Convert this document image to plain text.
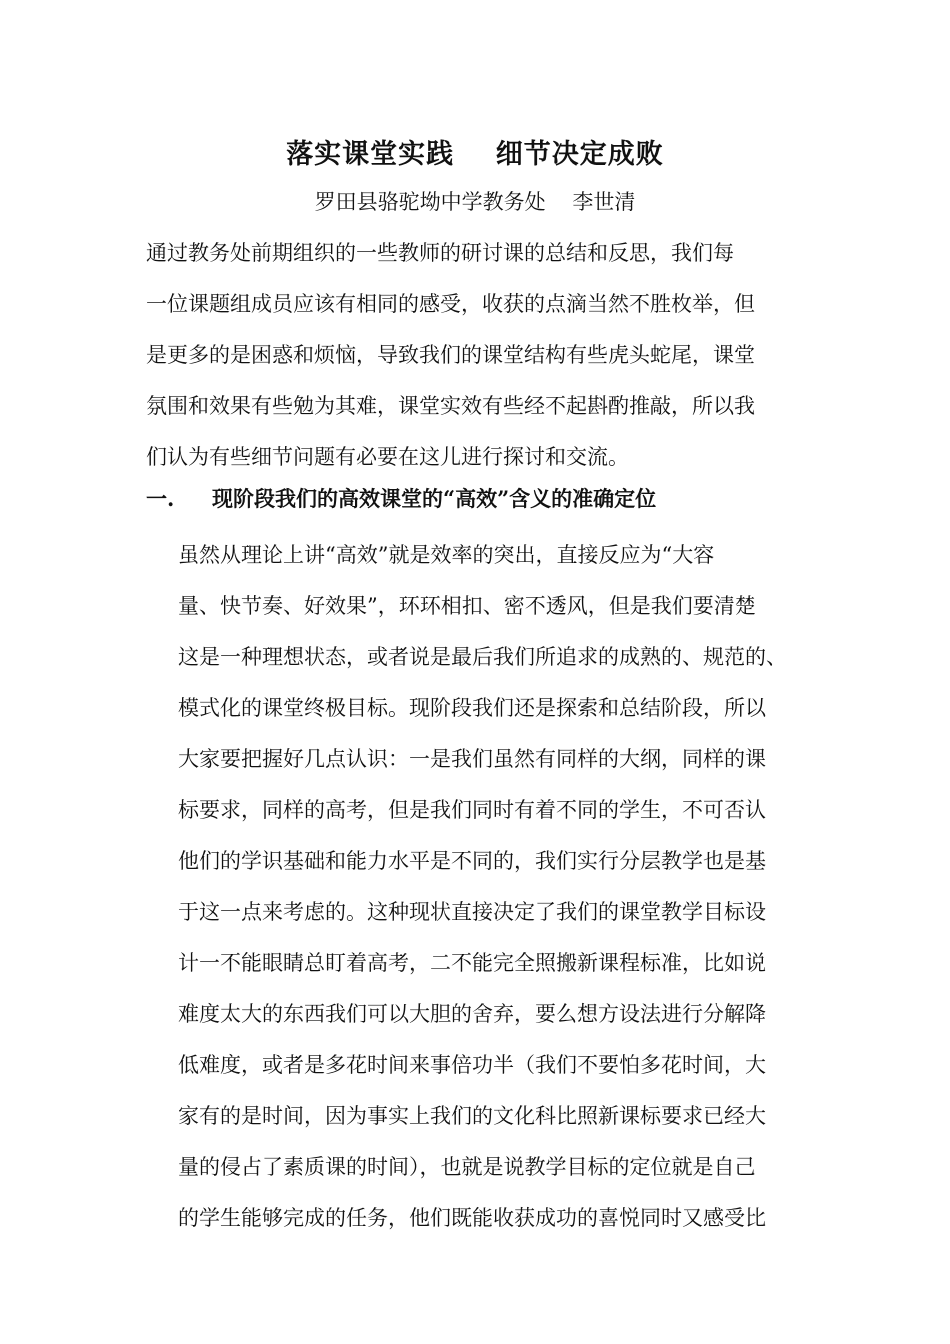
落实课堂实践    细节决定成败
罗田县骆驼坳中学教务处    李世清
通过教务处前期组织的一些教师的研讨课的总结和反思，我们每
一位课题组成员应该有相同的感受，收获的点滴当然不胜枚举，但
是更多的是困惑和烦恼，导致我们的课堂结构有些虎头蛇尾，课堂
氛围和效果有些勉为其难，课堂实效有些经不起斟酌推敲，所以我
们认为有些细节问题有必要在这儿进行探讨和交流。
一. 现阶段我们的高效课堂的“高效”含义的准确定位
虽然从理论上讲“高效”就是效率的突出，直接反应为“大容
量、快节奏、好效果”，环环相扣、密不透风，但是我们要清楚
这是一种理想状态，或者说是最后我们所追求的成熟的、规范的、
模式化的课堂终极目标。现阶段我们还是探索和总结阶段，所以
大家要把握好几点认识：一是我们虽然有同样的大纲，同样的课
标要求，同样的高考，但是我们同时有着不同的学生，不可否认
他们的学识基础和能力水平是不同的，我们实行分层教学也是基
于这一点来考虑的。这种现状直接决定了我们的课堂教学目标设
计一不能眼睛总盯着高考，二不能完全照搬新课程标准，比如说
难度太大的东西我们可以大胆的舍弃，要么想方设法进行分解降
低难度，或者是多花时间来事倍功半（我们不要怕多花时间，大
家有的是时间，因为事实上我们的文化科比照新课标要求已经大
量的侵占了素质课的时间），也就是说教学目标的定位就是自己
的学生能够完成的任务，他们既能收获成功的喜悦同时又感受比
